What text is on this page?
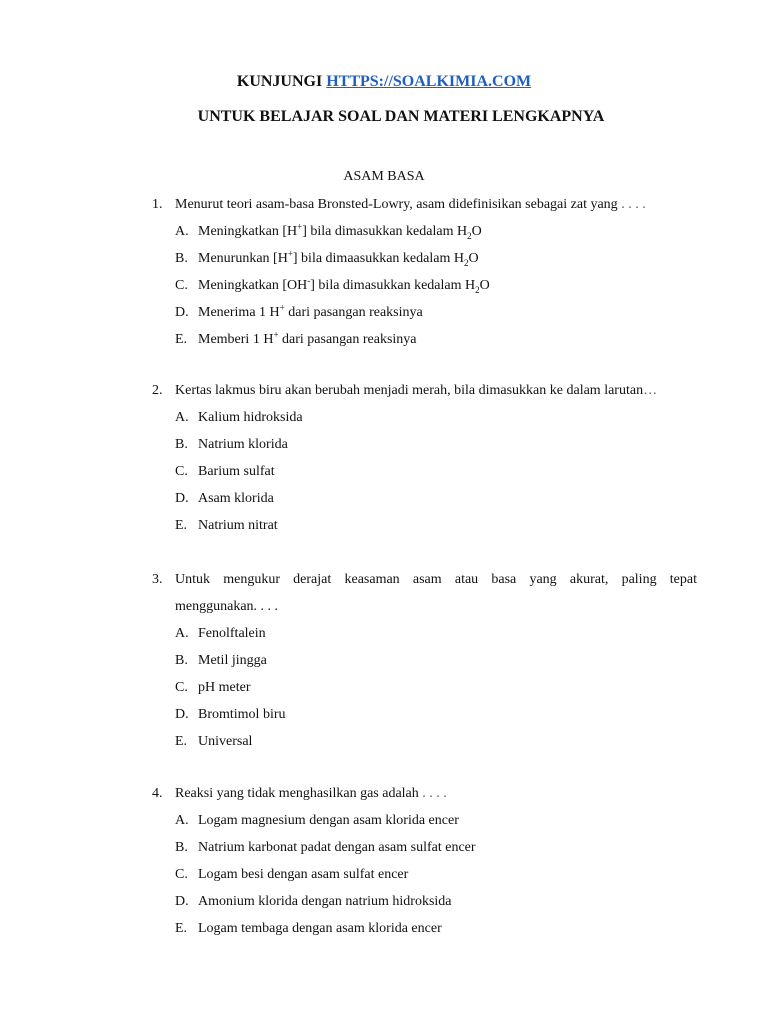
KUNJUNGI HTTPS://SOALKIMIA.COM
UNTUK BELAJAR SOAL DAN MATERI LENGKAPNYA
ASAM BASA
1. Menurut teori asam-basa Bronsted-Lowry, asam didefinisikan sebagai zat yang . . . .
A. Meningkatkan [H+] bila dimasukkan kedalam $H_2O$
B. Menurunkan [H+] bila dimaasukkan kedalam $H_2O$
C. Meningkatkan [OH-] bila dimasukkan kedalam $H_2O$
D. Menerima 1 H+ dari pasangan reaksinya
E. Memberi 1 H+ dari pasangan reaksinya
2. Kertas lakmus biru akan berubah menjadi merah, bila dimasukkan ke dalam larutan…
A. Kalium hidroksida
B. Natrium klorida
C. Barium sulfat
D. Asam klorida
E. Natrium nitrat
3. Untuk mengukur derajat keasaman asam atau basa yang akurat, paling tepat
menggunakan. . . .
A. Fenolftalein
B. Metil jingga
C. pH meter
D. Bromtimol biru
E. Universal
4. Reaksi yang tidak menghasilkan gas adalah . . . .
A. Logam magnesium dengan asam klorida encer
B. Natrium karbonat padat dengan asam sulfat encer
C. Logam besi dengan asam sulfat encer
D. Amonium klorida dengan natrium hidroksida
E. Logam tembaga dengan asam klorida encer
